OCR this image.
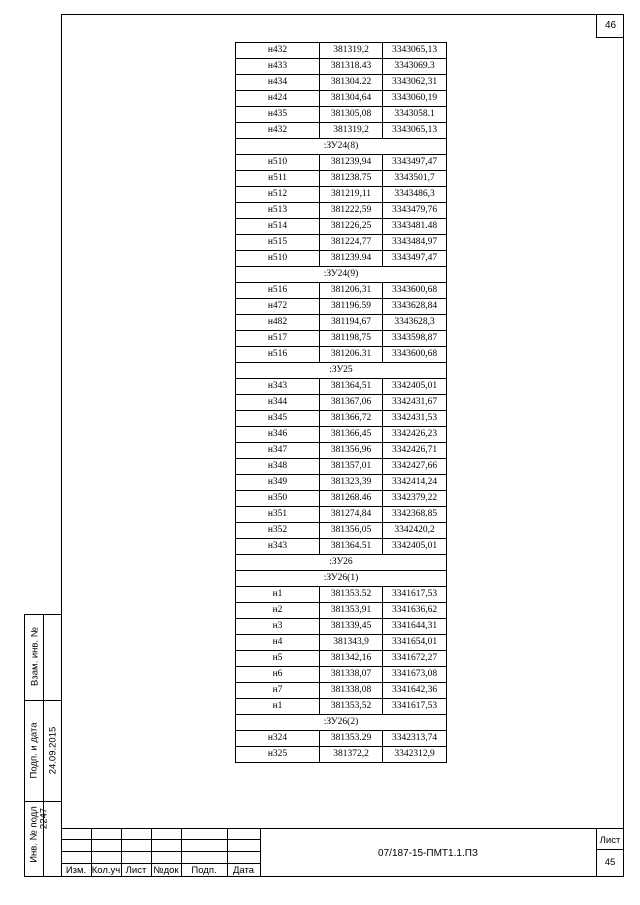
46
н432	381319,2	3343065,13
н433	381318.43	3343069.3
н434	381304.22	3343062,31
н424	381304,64	3343060,19
н435	381305,08	3343058.1
н432	381319,2	3343065,13
:ЗУ24(8)		
н510	381239,94	3343497,47
н511	381238.75	3343501,7
н512	381219,11	3343486,3
н513	381222,59	3343479,76
н514	381226,25	3343481.48
н515	381224,77	3343484,97
н510	381239.94	3343497,47
:ЗУ24(9)		
н516	381206,31	3343600,68
н472	381196.59	3343628,84
н482	381194,67	3343628,3
н517	381198,75	3343598,87
н516	381206.31	3343600,68
:ЗУ25		
н343	381364,51	3342405,01
н344	381367,06	3342431,67
н345	381366,72	3342431,53
н346	381366,45	3342426,23
н347	381356,96	3342426,71
н348	381357,01	3342427,66
н349	381323,39	3342414,24
н350	381268.46	3342379,22
н351	381274,84	3342368.85
н352	381356,05	3342420,2
н343	381364.51	3342405,01
:ЗУ26		
:ЗУ26(1)		
н1	381353.52	3341617,53
н2	381353,91	3341636,62
н3	381339,45	3341644,31
н4	381343,9	3341654,01
н5	381342,16	3341672,27
н6	381338,07	3341673,08
н7	381338,08	3341642,36
н1	381353,52	3341617,53
:ЗУ26(2)		
н324	381353.29	3342313,74
н325	381372,2	3342312,9
Взам. инв. №
Подп. и дата 24.09.2015
Инв. № подл 2247
Изм. Кол.уч Лист №док	Подп.	Дата
07/187-15-ПМТ1.1.ПЗ
Лист
45
